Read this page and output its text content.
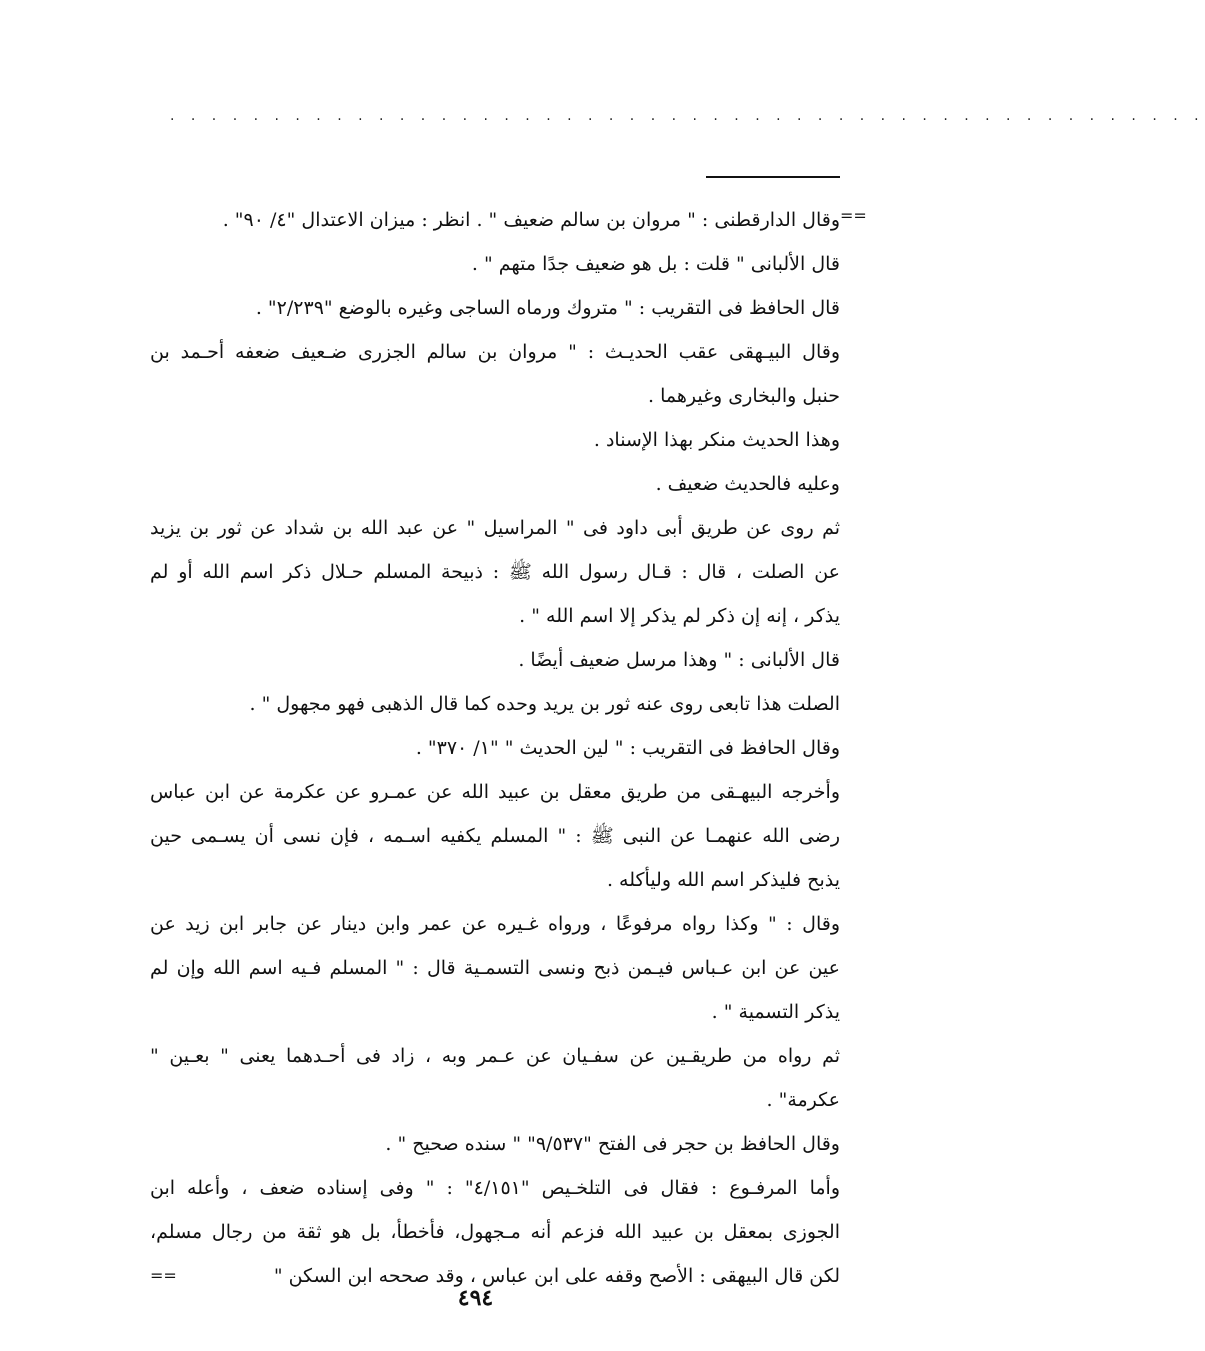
. . . . . . . . . . . . . . . . . . . . . . . . . . . . . . . . . . . . . . . . . . . . . . . . . .
وقال الدارقطنى : " مروان بن سالم ضعيف " . انظر : ميزان الاعتدال "٤/ ٩٠" .
قال الألبانى " قلت : بل هو ضعيف جدًا متهم " .
قال الحافظ فى التقريب : " متروك ورماه الساجى وغيره بالوضع "٢/٢٣٩" .
وقال البيـهقى عقب الحديـث : " مروان بن سالم الجزرى ضـعيف ضعفه أحـمد بن
حنبل والبخارى وغيرهما .
وهذا الحديث منكر بهذا الإسناد .
وعليه فالحديث ضعيف .
ثم روى عن طريق أبى داود فى " المراسيل " عن عبد الله بن شداد عن ثور بن يزيد
عن الصلت ، قال : قـال رسول الله ﷺ : ذبيحة المسلم حـلال ذكر اسم الله أو لم
يذكر ، إنه إن ذكر لم يذكر إلا اسم الله " .
قال الألبانى : " وهذا مرسل ضعيف أيضًا .
الصلت هذا تابعى روى عنه ثور بن يريد وحده كما قال الذهبى فهو مجهول " .
وقال الحافظ فى التقريب : " لين الحديث " "١/ ٣٧٠" .
وأخرجه البيهـقى من طريق معقل بن عبيد الله عن عمـرو عن عكرمة عن ابن عباس
رضى الله عنهمـا عن النبى ﷺ : " المسلم يكفيه اسـمه ، فإن نسى أن يسـمى حين
يذبح فليذكر اسم الله وليأكله .
وقال : " وكذا رواه مرفوعًا ، ورواه غـيره عن عمر وابن دينار عن جابر ابن زيد عن
عين عن ابن عـباس فيـمن ذبح ونسى التسمـية قال : " المسلم فـيه اسم الله وإن لم
يذكر التسمية " .
ثم رواه من طريقـين عن سفـيان عن عـمر وبه ، زاد فى أحـدهما يعنى " بعـين "
عكرمة" .
وقال الحافظ بن حجر فى الفتح "٩/٥٣٧" " سنده صحيح " .
وأما المرفـوع : فقال فى التلخـيص "٤/١٥١" : " وفى إسناده ضعف ، وأعله ابن
الجوزى بمعقل بن عبيد الله فزعم أنه مـجهول، فأخطأ، بل هو ثقة من رجال مسلم،
لكن قال البيهقى : الأصح وقفه على ابن عباس ، وقد صححه ابن السكن "
==
==
٤٩٤
